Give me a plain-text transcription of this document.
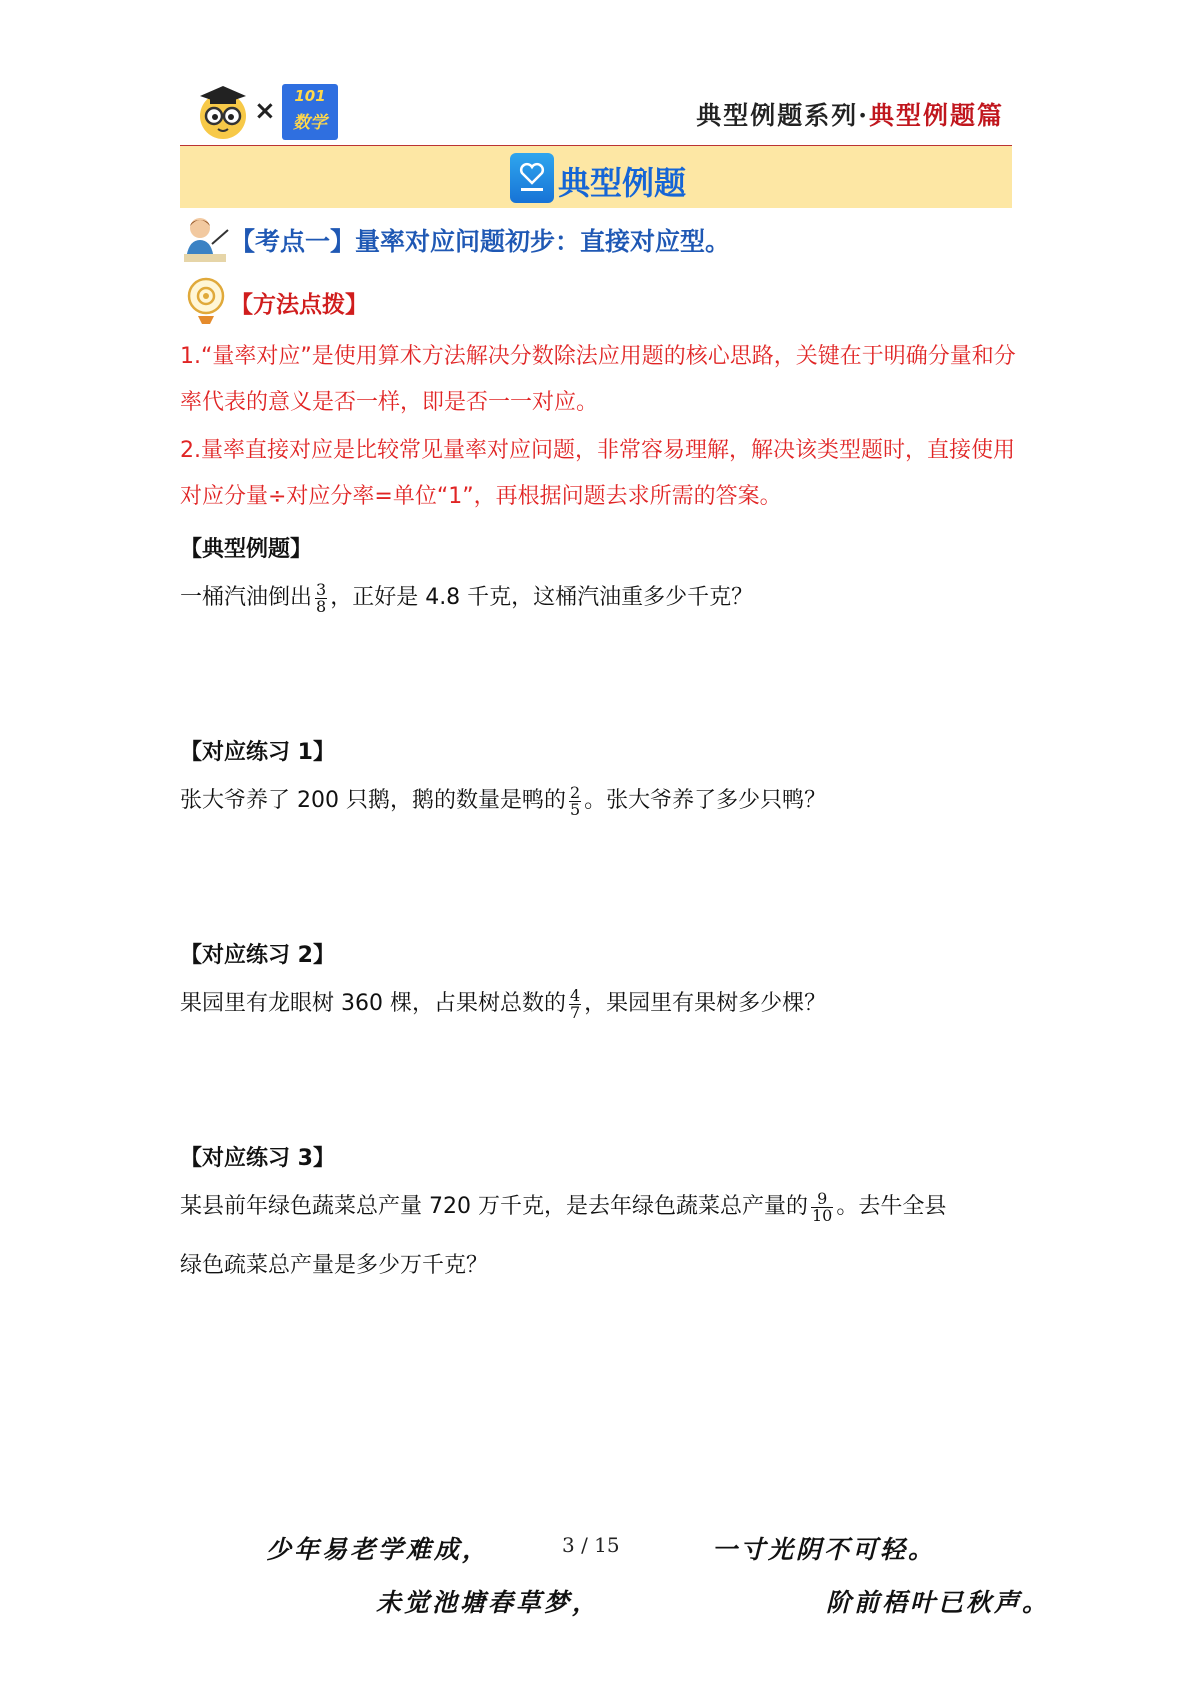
×	101
数学	典型例题系列·典型例题篇
典型例题
【考点一】量率对应问题初步：直接对应型。
【方法点拨】
1.“量率对应”是使用算术方法解决分数除法应用题的核心思路，关键在于明确分量和分率代表的意义是否一样，即是否一一对应。
2.量率直接对应是比较常见量率对应问题，非常容易理解，解决该类型题时，直接使用对应分量÷对应分率=单位“1”，再根据问题去求所需的答案。
【典型例题】
一桶汽油倒出 $\frac{3}{8}$ ，正好是 4.8 千克，这桶汽油重多少千克？
【对应练习 1】
张大爷养了 200 只鹅，鹅的数量是鸭的 $\frac{2}{5}$ 。张大爷养了多少只鸭？
【对应练习 2】
果园里有龙眼树 360 棵，占果树总数的 $\frac{4}{7}$ ，果园里有果树多少棵？
【对应练习 3】
某县前年绿色蔬菜总产量 720 万千克，是去年绿色蔬菜总产量的 $\frac{9}{10}$ 。去牛全县
绿色疏菜总产量是多少万千克？
少年易老学难成，	3 / 15	一寸光阴不可轻。
未觉池塘春草梦，	阶前梧叶已秋声。
